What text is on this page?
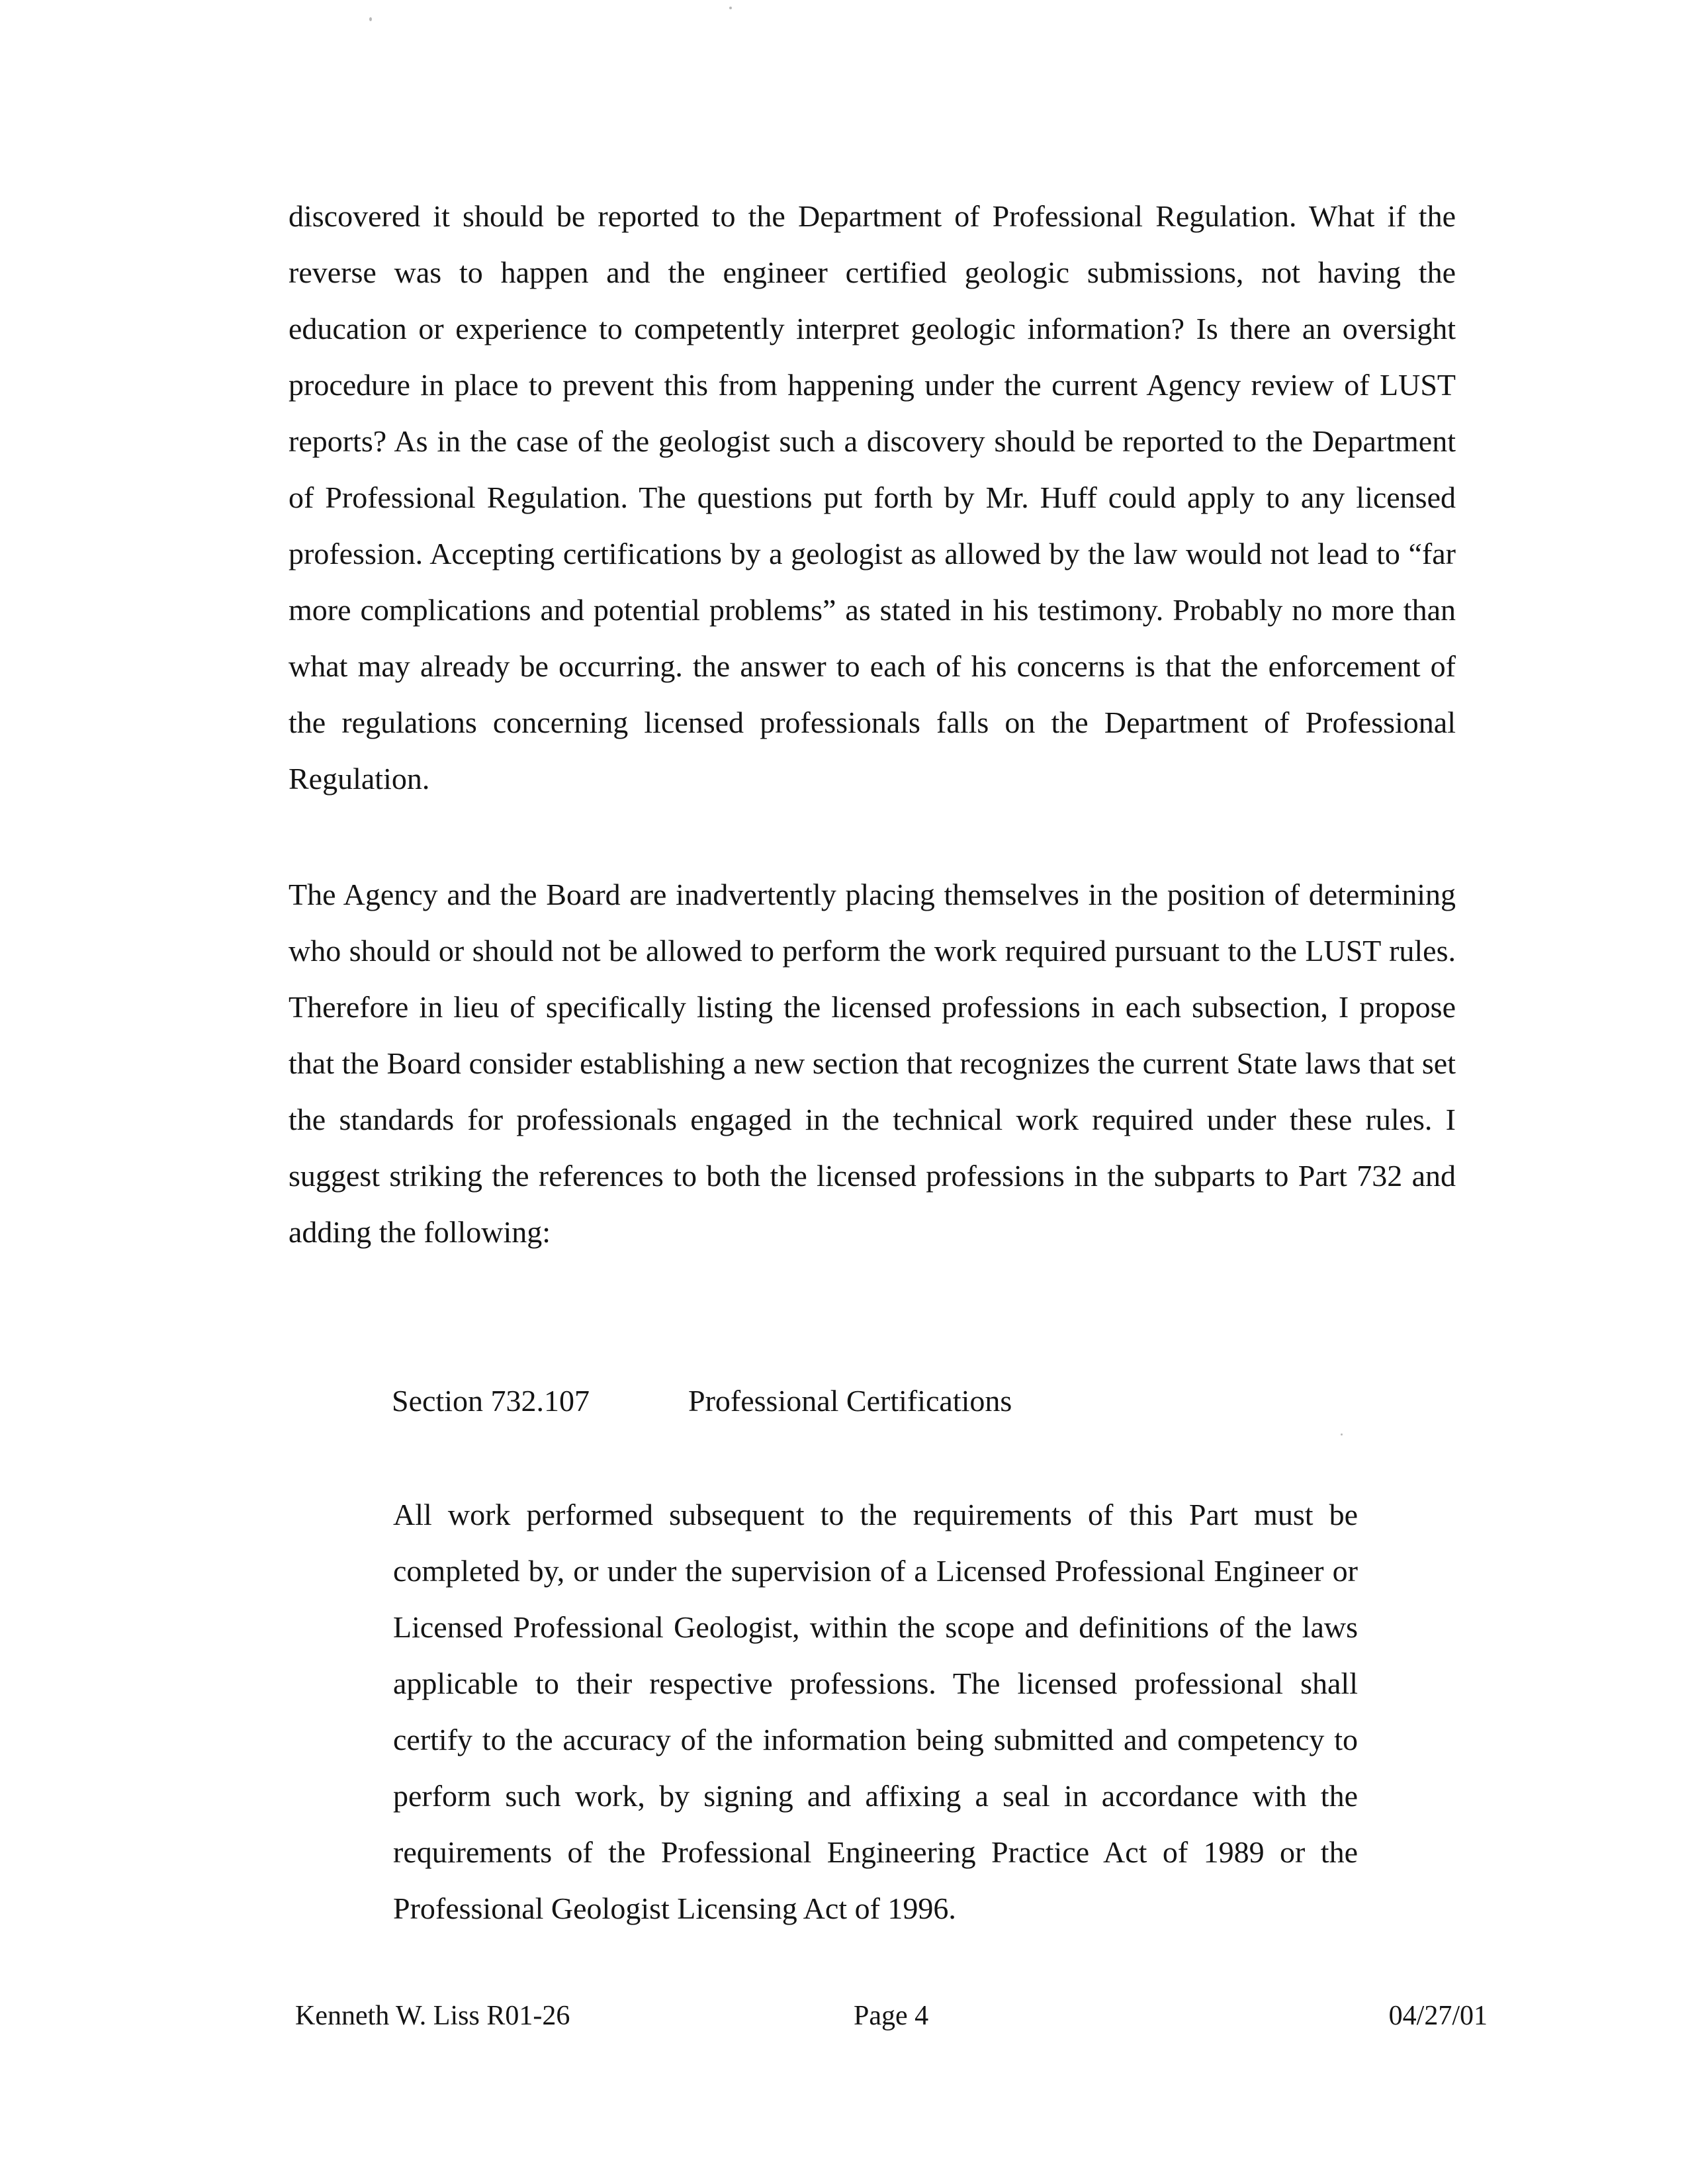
discovered it should be reported to the Department of Professional Regulation. What if the reverse was to happen and the engineer certified geologic submissions, not having the education or experience to competently interpret geologic information? Is there an oversight procedure in place to prevent this from happening under the current Agency review of LUST reports? As in the case of the geologist such a discovery should be reported to the Department of Professional Regulation. The questions put forth by Mr. Huff could apply to any licensed profession. Accepting certifications by a geologist as allowed by the law would not lead to “far more complications and potential problems” as stated in his testimony. Probably no more than what may already be occurring. the answer to each of his concerns is that the enforcement of the regulations concerning licensed professionals falls on the Department of Professional Regulation.

The Agency and the Board are inadvertently placing themselves in the position of determining who should or should not be allowed to perform the work required pursuant to the LUST rules. Therefore in lieu of specifically listing the licensed professions in each subsection, I propose that the Board consider establishing a new section that recognizes the current State laws that set the standards for professionals engaged in the technical work required under these rules. I suggest striking the references to both the licensed professions in the subparts to Part 732 and adding the following:

Section 732.107	Professional Certifications

All work performed subsequent to the requirements of this Part must be completed by, or under the supervision of a Licensed Professional Engineer or Licensed Professional Geologist, within the scope and definitions of the laws applicable to their respective professions. The licensed professional shall certify to the accuracy of the information being submitted and competency to perform such work, by signing and affixing a seal in accordance with the requirements of the Professional Engineering Practice Act of 1989 or the Professional Geologist Licensing Act of 1996.

Kenneth W. Liss R01-26	Page 4	04/27/01
